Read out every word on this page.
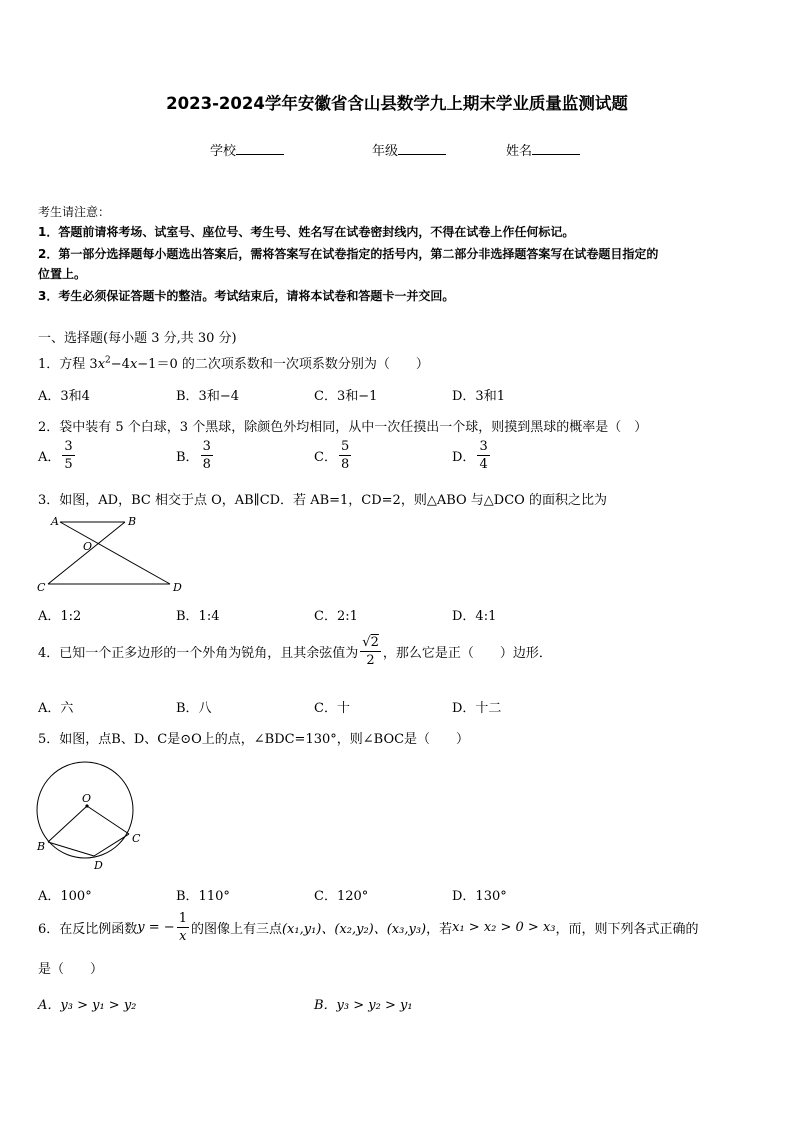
2023-2024学年安徽省含山县数学九上期末学业质量监测试题
学校	年级	姓名
考生请注意：
1．答题前请将考场、试室号、座位号、考生号、姓名写在试卷密封线内，不得在试卷上作任何标记。
2．第一部分选择题每小题选出答案后，需将答案写在试卷指定的括号内，第二部分非选择题答案写在试卷题目指定的
位置上。
3．考生必须保证答题卡的整洁。考试结束后，请将本试卷和答题卡一并交回。
一、选择题(每小题 3 分,共 30 分)
1．方程 $3x^2-4x-1=0$ 的二次项系数和一次项系数分别为（　　）
A．3和4	B．3和−4	C．3和−1	D．3和1
2．袋中装有 5 个白球，3 个黑球，除颜色外均相同，从中一次任摸出一个球，则摸到黑球的概率是（　）
A． $\frac{3}{5}$	B． $\frac{3}{8}$	C． $\frac{5}{8}$	D． $\frac{3}{4}$
3．如图，AD，BC 相交于点 O，AB∥CD．若 AB=1，CD=2，则△ABO 与△DCO 的面积之比为
A	B
O
C	D
A．1:2	B．1:4	C．2:1	D．4:1
4．已知一个正多边形的一个外角为锐角，且其余弦值为 $\frac{√2}{2}$ ，那么它是正（　　）边形．
A．六	B．八	C．十	D．十二
5．如图，点B、D、C是⊙O上的点，∠BDC=130°，则∠BOC是（　　）
O
B
C
D
A．100°	B．110°	C．120°	D．130°
6．在反比例函数 y = − $\frac{1}{x}$ 的图像上有三点 (x₁,y₁)、(x₂,y₂)、(x₃,y₃) ，若 x₁ > x₂ > 0 > x₃ ，而，则下列各式正确的
是（　　）
A．y₃ > y₁ > y₂	B．y₃ > y₂ > y₁
